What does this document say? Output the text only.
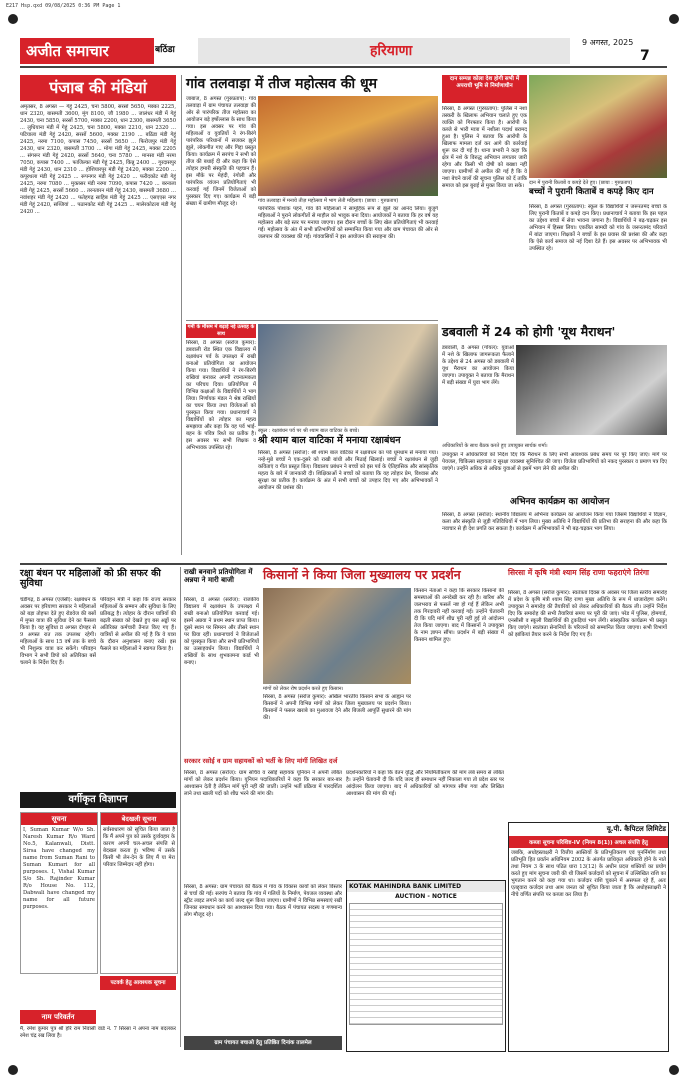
E217 Hsp.qxd 09/08/2025 0:36 PM Page 1
अजीत समाचार	बठिंडा	हरियाणा
9 अगस्त, 2025
7
पंजाब की मंडियां
अमृतसर, 8 अगस्त — गेहूं 2425, चना 5800, सरसों 5650, मक्का 2225, धान 2320, बासमती 3600, मूंग 8100, जौ 1980 ... जालंधर मंडी में गेहूं 2430, चना 5850, सरसों 5700, मक्का 2200, धान 2300, बासमती 3650 ... लुधियाना मंडी में गेहूं 2425, चना 5800, मक्का 2210, धान 2320 ... पटियाला मंडी गेहूं 2420, सरसों 5600, मक्का 2190 ... बठिंडा मंडी गेहूं 2425, नरमा 7100, कपास 7450, सरसों 5650 ... फिरोजपुर मंडी गेहूं 2430, धान 2320, बासमती 3700 ... मोगा मंडी गेहूं 2425, मक्का 2205 ... संगरूर मंडी गेहूं 2420, सरसों 5640, चना 5780 ... मानसा मंडी नरमा 7050, कपास 7400 ... फाजिल्का मंडी गेहूं 2425, किन्नू 2400 ... गुरदासपुर मंडी गेहूं 2430, धान 2310 ... होशियारपुर मंडी गेहूं 2420, मक्का 2200 ... कपूरथला मंडी गेहूं 2425 ... रूपनगर मंडी गेहूं 2420 ... फरीदकोट मंडी गेहूं 2425, नरमा 7080 ... मुक्तसर मंडी नरमा 7090, कपास 7420 ... बरनाला मंडी गेहूं 2425, सरसों 5660 ... तरनतारन मंडी गेहूं 2430, बासमती 3680 ... नवांशहर मंडी गेहूं 2420 ... फतेहगढ़ साहिब मंडी गेहूं 2425 ... एसएएस नगर मंडी गेहूं 2420, सब्जियां ... पठानकोट मंडी गेहूं 2425 ... मालेरकोटला मंडी गेहूं 2420 ...
गांव तलवाड़ा में तीज महोत्सव की धूम
जाबाज, 8 अगस्त (गुरुप्रताप): गांव तलवाड़ा में ग्राम पंचायत तलवाड़ा की ओर से पारंपरिक तीज महोत्सव का आयोजन बड़े हर्षोल्लास के साथ किया गया। इस अवसर पर गांव की महिलाओं व युवतियों ने रंग-बिरंगे पारंपरिक परिधानों में सजकर झूले झूले, लोकगीत गाए और गिद्दा प्रस्तुत किया। कार्यक्रम में सरपंच ने सभी को तीज की बधाई दी और कहा कि ऐसे त्योहार हमारी संस्कृति की पहचान हैं। इस मौके पर मेहंदी, रंगोली और पारंपरिक व्यंजन प्रतियोगिताएं भी करवाई गईं जिनमें विजेताओं को पुरस्कार दिए गए। कार्यक्रम में बड़ी संख्या में ग्रामीण मौजूद रहे।	गांव तलवाड़ा में मनाये तीज़ महोत्सव में भाग लेती महिलाएं। (छाया : गुरुप्रताप)
पारंपरिक पोशाक पहने, गांव की महिलाओं ने सामूहिक रूप से झूले का आनंद लिया। बुजुर्ग महिलाओं ने पुराने लोकगीतों से माहौल को भावुक बना दिया। आयोजकों ने बताया कि हर वर्ष यह महोत्सव और बड़े स्तर पर मनाया जाएगा। इस दौरान बच्चों के लिए खेल प्रतियोगिताएं भी करवाई गईं। महोत्सव के अंत में सभी प्रतिभागियों को सम्मानित किया गया और ग्राम पंचायत की ओर से जलपान की व्यवस्था की गई। गांववासियों ने इस आयोजन की सराहना की।
दान सम्पन्न कोला देश होगी सभी में अपराधी भूमि से निर्माणाधीन
सिरसा, 8 अगस्त (गुरुप्रताप): पुलिस ने नशा तस्करी के खिलाफ अभियान चलाते हुए एक व्यक्ति को गिरफ्तार किया है। आरोपी के कब्जे से भारी मात्रा में नशीला पदार्थ बरामद हुआ है। पुलिस ने बताया कि आरोपी के खिलाफ मामला दर्ज कर आगे की कार्रवाई शुरू कर दी गई है। थाना प्रभारी ने कहा कि क्षेत्र में नशे के विरुद्ध अभियान लगातार जारी रहेगा और किसी भी दोषी को बख्शा नहीं जाएगा। ग्रामीणों से अपील की गई है कि वे नशा बेचने वालों की सूचना पुलिस को दें ताकि समाज को इस बुराई से मुक्त किया जा सके। दान में पुरानी किताबें व कपड़े देते हुए। (छाया : गुरुप्रताप)
बच्चों ने पुरानी किताबें व कपड़े किए दान
सिरसा, 8 अगस्त (गुरुप्रताप): स्कूल के विद्यार्थियों ने जरूरतमंद बच्चों के लिए पुरानी किताबें व कपड़े दान किए। प्रधानाचार्य ने बताया कि इस पहल का उद्देश्य बच्चों में सेवा भावना जगाना है। विद्यार्थियों ने बढ़-चढ़कर इस अभियान में हिस्सा लिया। एकत्रित सामग्री को गांव के जरूरतमंद परिवारों में बांटा जाएगा। शिक्षकों ने बच्चों के इस प्रयास की प्रशंसा की और कहा कि ऐसे कार्य समाज को नई दिशा देते हैं। इस अवसर पर अभिभावक भी उपस्थित रहे।
गर्मी के मौसम में बढ़ाई नई उत्साह के साथ
सिरसा, 8 अगस्त (सरोज कुमार): डबवाली रोड स्थित एक विद्यालय में रक्षाबंधन पर्व के उपलक्ष्य में राखी बनाओ प्रतियोगिता का आयोजन किया गया। विद्यार्थियों ने रंग-बिरंगी राखियां बनाकर अपनी रचनात्मकता का परिचय दिया। प्रतियोगिता में विभिन्न कक्षाओं के विद्यार्थियों ने भाग लिया। निर्णायक मंडल ने श्रेष्ठ राखियों का चयन किया तथा विजेताओं को पुरस्कृत किया गया। प्रधानाचार्य ने विद्यार्थियों को त्योहार का महत्व समझाया और कहा कि यह पर्व भाई-बहन के पवित्र रिश्ते का प्रतीक है। इस अवसर पर सभी शिक्षक व अभिभावक उपस्थित रहे।
स्कूल : रक्षाबंधन पर्व पर श्री श्याम बाल वाटिका के बच्चे।
श्री श्याम बाल वाटिका में मनाया रक्षाबंधन
सिरसा, 8 अगस्त (सरोज): श्री श्याम बाल वाटिका में रक्षाबंधन का पर्व धूमधाम से मनाया गया। नन्हे-मुन्ने बच्चों ने एक-दूसरे को राखी बांधी और मिठाई खिलाई। बच्चों ने रक्षाबंधन से जुड़ी कविताएं व गीत प्रस्तुत किए। विद्यालय प्रबंधन ने बच्चों को इस पर्व के ऐतिहासिक और सांस्कृतिक महत्व के बारे में जानकारी दी। शिक्षिकाओं ने बच्चों को बताया कि यह त्योहार प्रेम, विश्वास और सुरक्षा का प्रतीक है। कार्यक्रम के अंत में सभी बच्चों को उपहार दिए गए और अभिभावकों ने आयोजन की प्रशंसा की।
डबवाली में 24 को होगी 'यूथ मैराथन'
डबवाली, 8 अगस्त (गोयल): युवाओं में नशे के खिलाफ जागरूकता फैलाने के उद्देश्य से 24 अगस्त को डबवाली में यूथ मैराथन का आयोजन किया जाएगा। उपायुक्त ने बताया कि मैराथन में बड़ी संख्या में युवा भाग लेंगे।
अधिकारियों के साथ बैठक करते हुए उपायुक्त सार्थक शर्मा।
उपायुक्त ने अधिकारियों को निर्देश दिए कि मैराथन के लिए सभी आवश्यक प्रबंध समय पर पूरे किए जाएं। मार्ग पर पेयजल, चिकित्सा सहायता व सुरक्षा व्यवस्था सुनिश्चित की जाए। विजेता प्रतिभागियों को नकद पुरस्कार व प्रमाण पत्र दिए जाएंगे। उन्होंने अधिक से अधिक युवाओं से इसमें भाग लेने की अपील की।
अभिनव कार्यक्रम का आयोजन
सिरसा, 8 अगस्त (सरोज): स्थानीय विद्यालय में अभिनव कार्यक्रम का आयोजन किया गया जिसमें विद्यार्थियों ने विज्ञान, कला और संस्कृति से जुड़ी गतिविधियों में भाग लिया। मुख्य अतिथि ने विद्यार्थियों की प्रतिभा की सराहना की और कहा कि नवाचार से ही देश प्रगति कर सकता है। कार्यक्रम में अभिभावकों ने भी बढ़-चढ़कर भाग लिया।
रक्षा बंधन पर महिलाओं को फ्री सफर की सुविधा
चंडीगढ़, 8 अगस्त (एजेंसी): रक्षाबंधन के अवसर पर हरियाणा सरकार ने महिलाओं को बड़ा तोहफा देते हुए रोडवेज की बसों में मुफ्त यात्रा की सुविधा देने का फैसला किया है। यह सुविधा 8 अगस्त दोपहर से 9 अगस्त रात तक उपलब्ध रहेगी। महिलाओं के साथ 15 वर्ष तक के बच्चे भी निशुल्क यात्रा कर सकेंगे। परिवहन विभाग ने सभी डिपो को अतिरिक्त बसें चलाने के निर्देश दिए हैं।
परिवहन मंत्री ने कहा कि राज्य सरकार महिलाओं के सम्मान और सुविधा के लिए प्रतिबद्ध है। त्योहार के दौरान यात्रियों की बढ़ती संख्या को देखते हुए बस अड्डों पर अतिरिक्त कर्मचारी तैनात किए गए हैं। यात्रियों से अपील की गई है कि वे यात्रा के दौरान अनुशासन बनाए रखें। इस फैसले का महिलाओं ने स्वागत किया है।
राखी बनवाने प्रतियोगिता में अन्नया ने मारी बाजी
सिरसा, 8 अगस्त (सरोज): राजकीय विद्यालय में रक्षाबंधन के उपलक्ष्य में राखी बनाओ प्रतियोगिता करवाई गई। इसमें अन्नया ने प्रथम स्थान प्राप्त किया। दूसरे स्थान पर सिमरन और तीसरे स्थान पर प्रिया रहीं। प्रधानाचार्य ने विजेताओं को पुरस्कृत किया और सभी प्रतिभागियों का उत्साहवर्धन किया। विद्यार्थियों ने राखियों के साथ शुभकामना कार्ड भी बनाए।
किसानों ने किया जिला मुख्यालय पर प्रदर्शन
मांगों को लेकर रोष प्रदर्शन करते हुए किसान।
सिरसा, 8 अगस्त (सरोज कुमार): अखिल भारतीय किसान सभा के आह्वान पर किसानों ने अपनी विभिन्न मांगों को लेकर जिला मुख्यालय पर प्रदर्शन किया। किसानों ने फसल खराबे का मुआवजा देने और बिजली आपूर्ति सुधारने की मांग की।
किसान नेताओं ने कहा कि सरकार किसानों की समस्याओं की अनदेखी कर रही है। बारिश और जलभराव से फसलें नष्ट हो गई हैं लेकिन अभी तक गिरदावरी नहीं करवाई गई। उन्होंने चेतावनी दी कि यदि मांगें शीघ्र पूरी नहीं हुईं तो आंदोलन तेज किया जाएगा। बाद में किसानों ने उपायुक्त के नाम ज्ञापन सौंपा। प्रदर्शन में बड़ी संख्या में किसान शामिल हुए।
सिरसा में कृषि मंत्री श्याम सिंह राणा फहराएंगे तिरंगा
सिरसा, 8 अगस्त (सरोज कुमार): स्वतंत्रता दिवस के अवसर पर जिला स्तरीय समारोह में प्रदेश के कृषि मंत्री श्याम सिंह राणा मुख्य अतिथि के रूप में ध्वजारोहण करेंगे। उपायुक्त ने समारोह की तैयारियों को लेकर अधिकारियों की बैठक ली। उन्होंने निर्देश दिए कि समारोह की सभी तैयारियां समय पर पूरी की जाएं। परेड में पुलिस, होमगार्ड, एनसीसी व स्कूली विद्यार्थियों की टुकड़ियां भाग लेंगी। सांस्कृतिक कार्यक्रम भी प्रस्तुत किए जाएंगे। स्वतंत्रता सेनानियों के परिजनों को सम्मानित किया जाएगा। सभी विभागों को झांकियां तैयार करने के निर्देश दिए गए हैं।
सरकार रसोई व ग्राम सहायकों को भर्ती के लिए मांगीं लिखित दर्ज
सिरसा, 8 अगस्त (सरोज): ग्राम सचिव व रसोई सहायक यूनियन ने अपनी लंबित मांगों को लेकर प्रदर्शन किया। यूनियन पदाधिकारियों ने कहा कि सरकार बार-बार आश्वासन देती है लेकिन मांगें पूरी नहीं की जातीं। उन्होंने भर्ती प्रक्रिया में पारदर्शिता लाने तथा खाली पदों को शीघ्र भरने की मांग की।
प्रदर्शनकारियों ने कहा कि वेतन वृद्धि और नियमितीकरण की मांग लंबे समय से लंबित है। उन्होंने चेतावनी दी कि यदि जल्द ही समाधान नहीं निकाला गया तो प्रदेश स्तर पर आंदोलन किया जाएगा। बाद में अधिकारियों को मांगपत्र सौंपा गया और लिखित आश्वासन की मांग की गई।
वर्गीकृत विज्ञापन
सूचना
I, Suman Kumar W/o Sh. Naresh Kumar R/o Ward No.5, Kalanwali, Distt. Sirsa have changed my name from Suman Rani to Suman Kumari for all purposes. I, Vishal Kumar S/o Sh. Rajinder Kumar R/o House No. 112, Dabwali have changed my name for all future purposes.
बेदखली सूचना
सर्वसाधारण को सूचित किया जाता है कि मैं अपने पुत्र को उसके दुर्व्यवहार के कारण अपनी चल-अचल संपत्ति से बेदखल करता हूं। भविष्य में उसके किसी भी लेन-देन के लिए मैं या मेरा परिवार जिम्मेदार नहीं होगा।
पटवर्क हेतु आवश्यक सूचना
नाम परिवर्तन
मैं, रमेश कुमार पुत्र श्री हरि राम निवासी वार्ड नं. 7 सिरसा ने अपना नाम बदलकर रमेश चंद्र रख लिया है।
KOTAK MAHINDRA BANK LIMITED
AUCTION - NOTICE
ग्राम पंचायत बचाओ हेतु प्रतिष्ठित दिनांक तालमेल
सिरसा, 8 अगस्त: ग्राम पंचायत की बैठक में गांव के विकास कार्यों को लेकर विस्तार से चर्चा की गई। सरपंच ने बताया कि गांव में गलियों के निर्माण, पेयजल व्यवस्था और स्ट्रीट लाइट लगाने का कार्य जल्द शुरू किया जाएगा। ग्रामीणों ने विभिन्न समस्याएं रखीं जिनका समाधान करने का आश्वासन दिया गया। बैठक में पंचायत सदस्य व गणमान्य लोग मौजूद रहे।
यू.पी. कैपिटल लिमिटेड
कब्जा सूचना परिशिष्ट-IV (नियम 8(1)) अचल संपत्ति हेतु
जबकि, अधोहस्ताक्षरी ने वित्तीय आस्तियों के प्रतिभूतिकरण एवं पुनर्निर्माण तथा प्रतिभूति हित प्रवर्तन अधिनियम 2002 के अंतर्गत प्राधिकृत अधिकारी होने के नाते तथा नियम 3 के साथ पठित धारा 13(12) के अधीन प्रदत्त शक्तियों का प्रयोग करते हुए मांग सूचना जारी की थी जिसमें कर्जदारों को सूचना में उल्लिखित राशि का भुगतान करने को कहा गया था। कर्जदार राशि चुकाने में असफल रहे हैं, अतः एतद्द्वारा कर्जदार तथा आम जनता को सूचित किया जाता है कि अधोहस्ताक्षरी ने नीचे वर्णित संपत्ति पर कब्जा कर लिया है।
